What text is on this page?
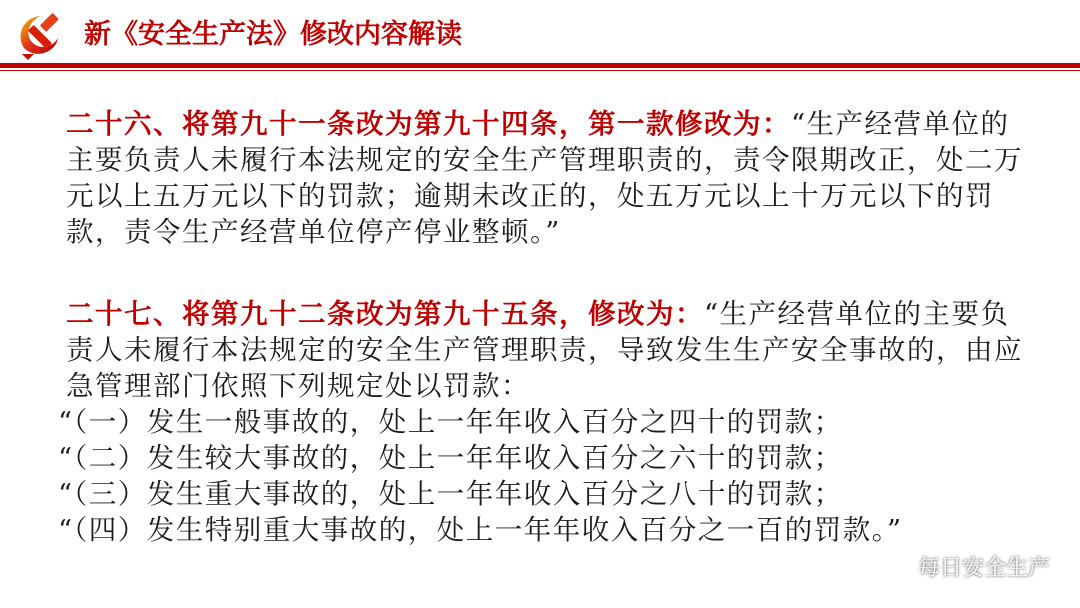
新《安全生产法》修改内容解读
二十六、将第九十一条改为第九十四条，第一款修改为：“生产经营单位的主要负责人未履行本法规定的安全生产管理职责的，责令限期改正，处二万元以上五万元以下的罚款；逾期未改正的，处五万元以上十万元以下的罚款，责令生产经营单位停产停业整顿。”
二十七、将第九十二条改为第九十五条，修改为：“生产经营单位的主要负责人未履行本法规定的安全生产管理职责，导致发生生产安全事故的，由应急管理部门依照下列规定处以罚款：
“（一）发生一般事故的，处上一年年收入百分之四十的罚款；
“（二）发生较大事故的，处上一年年收入百分之六十的罚款；
“（三）发生重大事故的，处上一年年收入百分之八十的罚款；
“（四）发生特别重大事故的，处上一年年收入百分之一百的罚款。”
每日安全生产
